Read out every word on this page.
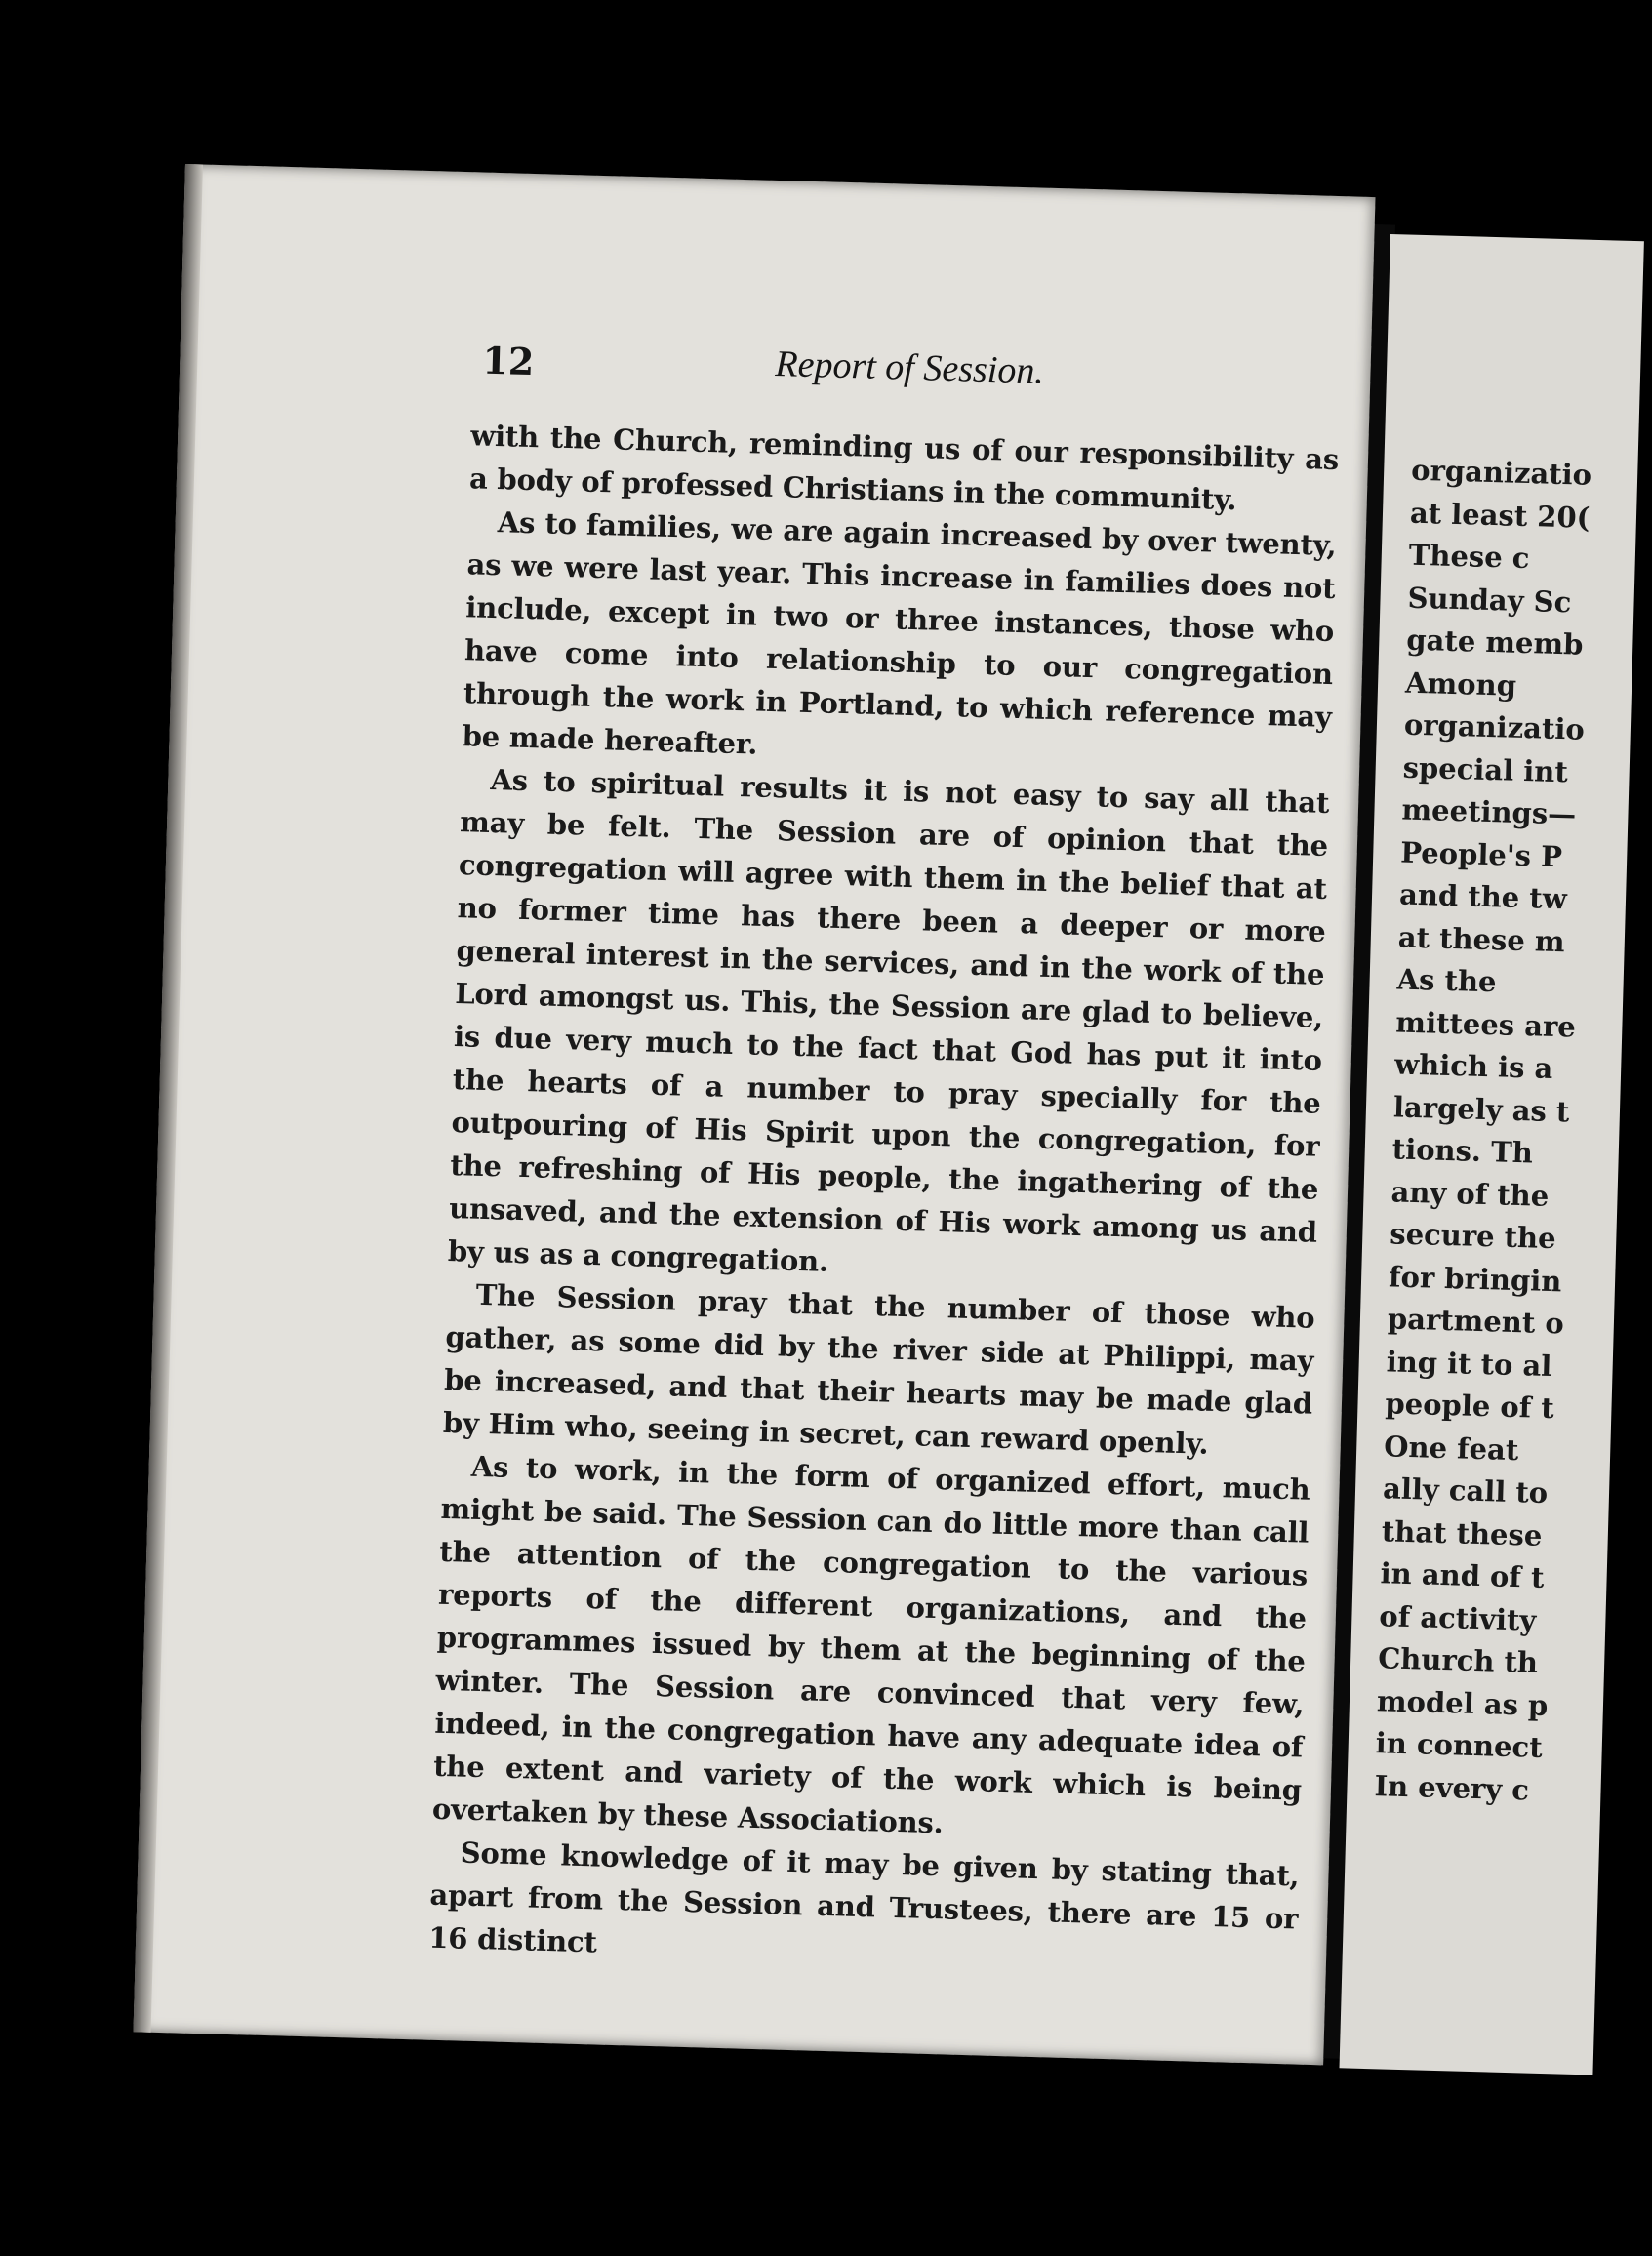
12	Report of Session.

with the Church, reminding us of our responsibility as a body of professed Christians in the community.

As to families, we are again increased by over twenty, as we were last year. This increase in families does not include, except in two or three instances, those who have come into relationship to our congregation through the work in Portland, to which reference may be made hereafter.

As to spiritual results it is not easy to say all that may be felt. The Session are of opinion that the congregation will agree with them in the belief that at no former time has there been a deeper or more general interest in the services, and in the work of the Lord amongst us. This, the Session are glad to believe, is due very much to the fact that God has put it into the hearts of a number to pray specially for the outpouring of His Spirit upon the congregation, for the refreshing of His people, the ingathering of the unsaved, and the extension of His work among us and by us as a congregation.

The Session pray that the number of those who gather, as some did by the river side at Philippi, may be increased, and that their hearts may be made glad by Him who, seeing in secret, can reward openly.

As to work, in the form of organized effort, much might be said. The Session can do little more than call the attention of the congregation to the various reports of the different organizations, and the programmes issued by them at the beginning of the winter. The Session are convinced that very few, indeed, in the congregation have any adequate idea of the extent and variety of the work which is being overtaken by these Associations.

Some knowledge of it may be given by stating that, apart from the Session and Trustees, there are 15 or 16 distinct

organizatio
at least 20(
These c
Sunday Sc
gate memb
Among
organizatio
special int
meetings—
People's P
and the tw
at these m
As the
mittees are
which is a
largely as t
tions. Th
any of the
secure the
for bringin
partment o
ing it to al
people of t
One feat
ally call to
that these
in and of t
of activity
Church th
model as p
in connect
In every c
